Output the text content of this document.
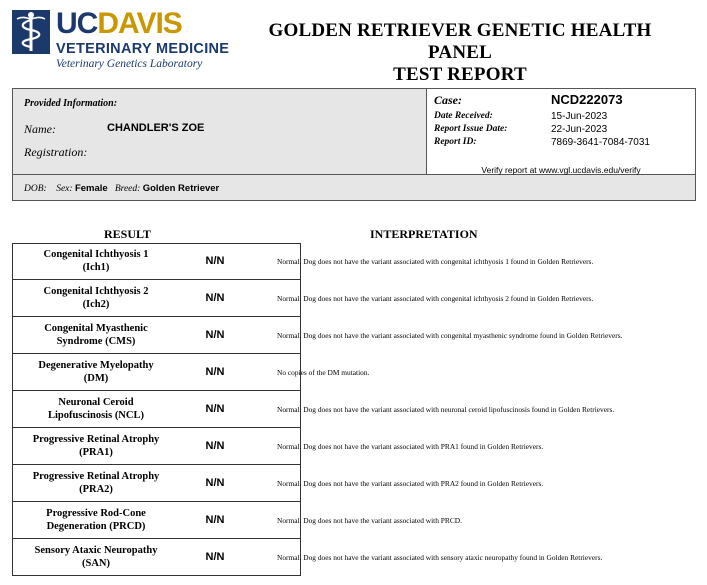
UCDAVIS
VETERINARY MEDICINE
Veterinary Genetics Laboratory
GOLDEN RETRIEVER GENETIC HEALTH PANEL
TEST REPORT
Provided Information:
Name:	CHANDLER'S ZOE
Registration:
Case:	NCD222073
Date Received:	15-Jun-2023
Report Issue Date:	22-Jun-2023
Report ID:	7869-3641-7084-7031
Verify report at www.vgl.ucdavis.edu/verify
DOB: Sex: Female Breed: Golden Retriever
RESULT	INTERPRETATION
Congenital Ichthyosis 1
(Ich1)
N/N	Normal. Dog does not have the variant associated with congenital ichthyosis 1 found in Golden Retrievers.
Congenital Ichthyosis 2
(Ich2)
N/N	Normal. Dog does not have the variant associated with congenital ichthyosis 2 found in Golden Retrievers.
Congenital Myasthenic
Syndrome (CMS)
N/N	Normal. Dog does not have the variant associated with congenital myasthenic syndrome found in Golden Retrievers.
Degenerative Myelopathy
(DM)
N/N	No copies of the DM mutation.
Neuronal Ceroid
Lipofuscinosis (NCL)
N/N	Normal. Dog does not have the variant associated with neuronal ceroid lipofuscinosis found in Golden Retrievers.
Progressive Retinal Atrophy
(PRA1)
N/N	Normal. Dog does not have the variant associated with PRA1 found in Golden Retrievers.
Progressive Retinal Atrophy
(PRA2)
N/N	Normal. Dog does not have the variant associated with PRA2 found in Golden Retrievers.
Progressive Rod-Cone
Degeneration (PRCD)
N/N	Normal. Dog does not have the variant associated with PRCD.
Sensory Ataxic Neuropathy
(SAN)
N/N	Normal. Dog does not have the variant associated with sensory ataxic neuropathy found in Golden Retrievers.
